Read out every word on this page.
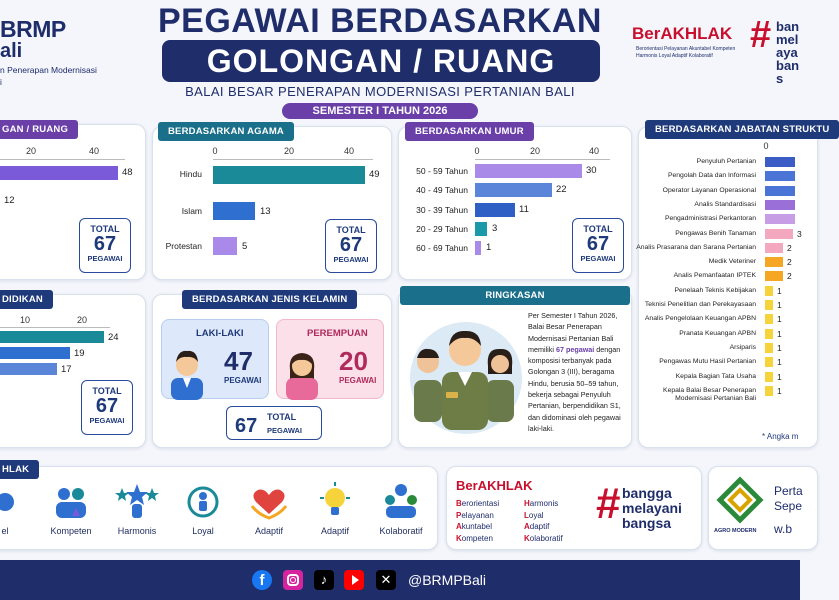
BRMP
ali
n Penerapan Modernisasi
i
PEGAWAI BERDASARKAN
GOLONGAN / RUANG
BALAI BESAR PENERAPAN MODERNISASI PERTANIAN BALI
SEMESTER I TAHUN 2026
BerAKHLAK
Berorientasi Pelayanan Akuntabel Kompeten Harmonis Loyal Adaptif Kolaboratif # ban melaya bans
GAN / RUANG
20	40
48
12
TOTAL
67
PEGAWAI
BERDASARKAN AGAMA
0	20	40
Hindu
Islam
Protestan
49
13
5
TOTAL
67
PEGAWAI
BERDASARKAN UMUR
0	20	40
50 - 59 Tahun
40 - 49 Tahun
30 - 39 Tahun
20 - 29 Tahun
60 - 69 Tahun
30
22
11
3
1
TOTAL
67
PEGAWAI
BERDASARKAN JABATAN STRUKTU
0
Penyuluh Pertanian
Pengolah Data dan Informasi
Operator Layanan Operasional
Analis Standardisasi
Pengadministrasi Perkantoran
Pengawas Benih Tanaman	3
Analis Prasarana dan Sarana Pertanian	2
Medik Veteriner	2
Analis Pemanfaatan IPTEK	2
Penelaah Teknis Kebijakan 1
Teknisi Penelitian dan Perekayasaan 1
Analis Pengelolaan Keuangan APBN 1
Pranata Keuangan APBN 1
Arsiparis 1
Pengawas Mutu Hasil Pertanian 1
Kepala Bagian Tata Usaha 1
Kepala Balai Besar Penerapan
Modernisasi Pertanian Bali
1
* Angka m
DIDIKAN
10	20
24
19
17
TOTAL
67
PEGAWAI
BERDASARKAN JENIS KELAMIN
LAKI-LAKI
47
PEGAWAI
PEREMPUAN
20
PEGAWAI
67 TOTAL
PEGAWAI
RINGKASAN
Per Semester I Tahun 2026, Balai Besar Penerapan Modernisasi Pertanian Bali memiliki 67 pegawai dengan komposisi terbanyak pada Golongan 3 (III), beragama Hindu, berusia 50–59 tahun, bekerja sebagai Penyuluh Pertanian, berpendidikan S1, dan didominasi oleh pegawai laki-laki.
HLAK
el	Kompeten	Harmonis	Loyal	Adaptif	Adaptif	Kolaboratif
BerAKHLAK
Berorientasi
Pelayanan
Akuntabel
Kompeten
Harmonis
Loyal
Adaptif
Kolaboratif
# bangga
melayani
bangsa	AGRO MODERN
Perta
Sepe
w.b
f	♪	✕	@BRMPBali
